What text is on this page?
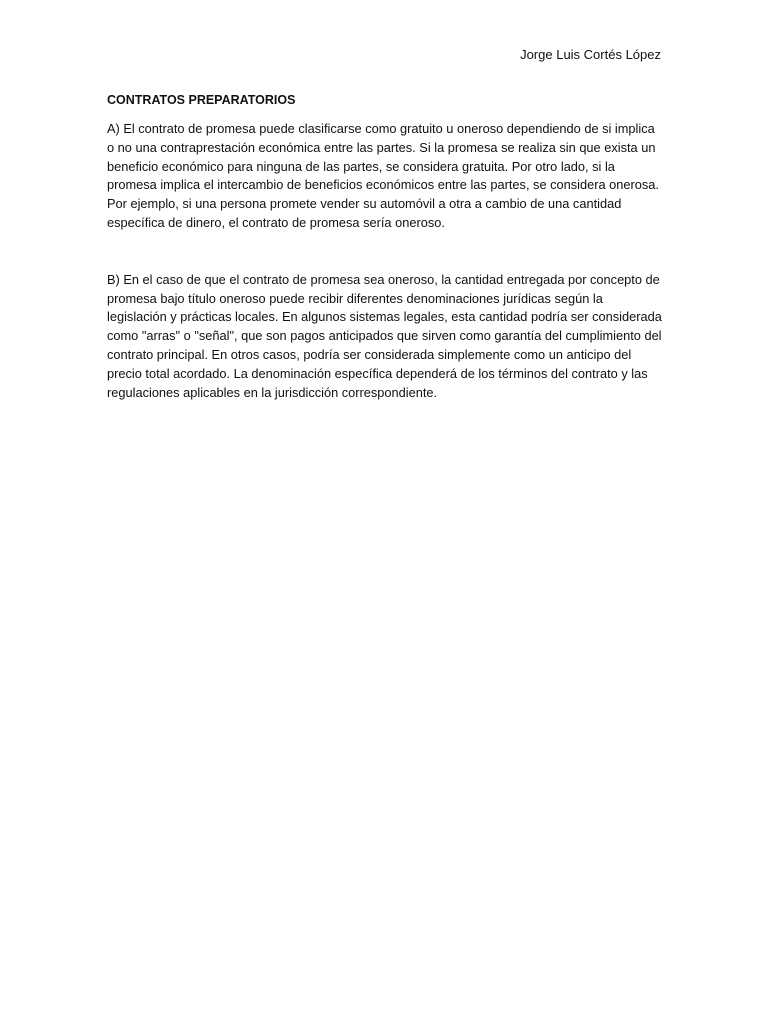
Jorge Luis Cortés López
CONTRATOS PREPARATORIOS

A) El contrato de promesa puede clasificarse como gratuito u oneroso dependiendo de si implica o no una contraprestación económica entre las partes. Si la promesa se realiza sin que exista un beneficio económico para ninguna de las partes, se considera gratuita. Por otro lado, si la promesa implica el intercambio de beneficios económicos entre las partes, se considera onerosa. Por ejemplo, si una persona promete vender su automóvil a otra a cambio de una cantidad específica de dinero, el contrato de promesa sería oneroso.

B) En el caso de que el contrato de promesa sea oneroso, la cantidad entregada por concepto de promesa bajo título oneroso puede recibir diferentes denominaciones jurídicas según la legislación y prácticas locales. En algunos sistemas legales, esta cantidad podría ser considerada como "arras" o "señal", que son pagos anticipados que sirven como garantía del cumplimiento del contrato principal. En otros casos, podría ser considerada simplemente como un anticipo del precio total acordado. La denominación específica dependerá de los términos del contrato y las regulaciones aplicables en la jurisdicción correspondiente.
